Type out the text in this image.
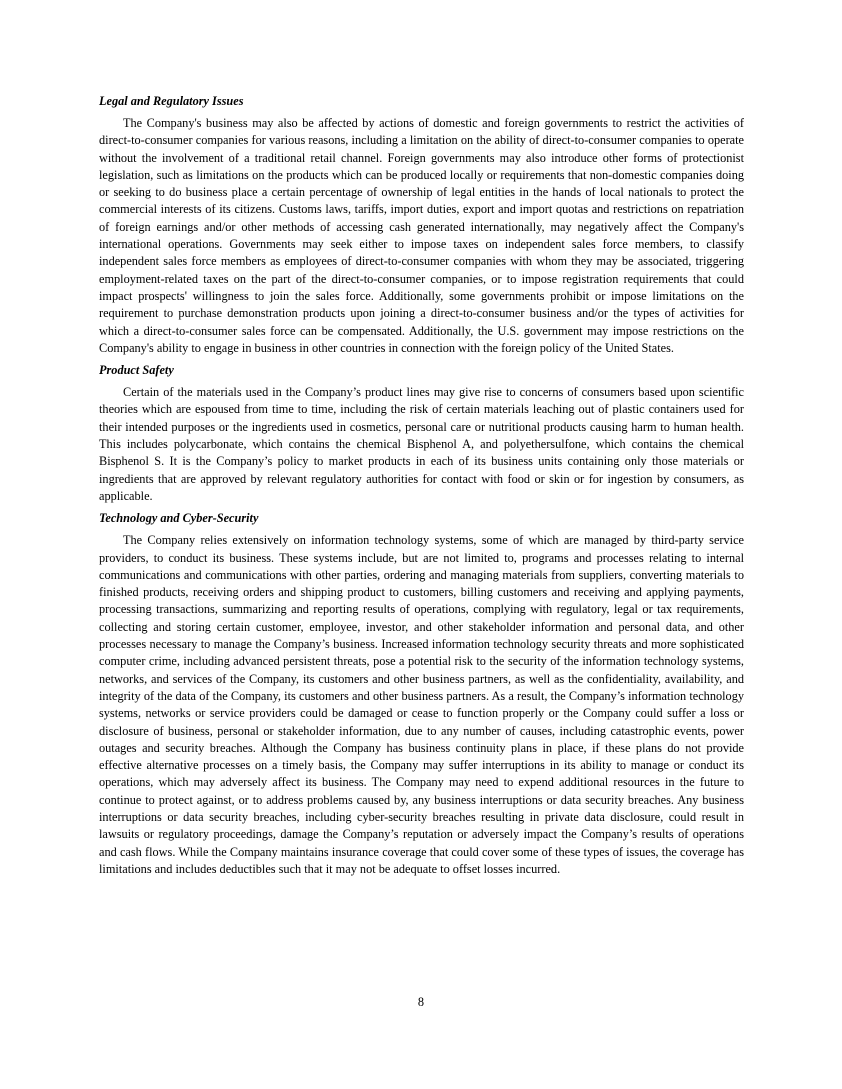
Legal and Regulatory Issues

The Company's business may also be affected by actions of domestic and foreign governments to restrict the activities of direct-to-consumer companies for various reasons, including a limitation on the ability of direct-to-consumer companies to operate without the involvement of a traditional retail channel. Foreign governments may also introduce other forms of protectionist legislation, such as limitations on the products which can be produced locally or requirements that non-domestic companies doing or seeking to do business place a certain percentage of ownership of legal entities in the hands of local nationals to protect the commercial interests of its citizens. Customs laws, tariffs, import duties, export and import quotas and restrictions on repatriation of foreign earnings and/or other methods of accessing cash generated internationally, may negatively affect the Company's international operations. Governments may seek either to impose taxes on independent sales force members, to classify independent sales force members as employees of direct-to-consumer companies with whom they may be associated, triggering employment-related taxes on the part of the direct-to-consumer companies, or to impose registration requirements that could impact prospects' willingness to join the sales force. Additionally, some governments prohibit or impose limitations on the requirement to purchase demonstration products upon joining a direct-to-consumer business and/or the types of activities for which a direct-to-consumer sales force can be compensated. Additionally, the U.S. government may impose restrictions on the Company's ability to engage in business in other countries in connection with the foreign policy of the United States.

Product Safety

Certain of the materials used in the Company’s product lines may give rise to concerns of consumers based upon scientific theories which are espoused from time to time, including the risk of certain materials leaching out of plastic containers used for their intended purposes or the ingredients used in cosmetics, personal care or nutritional products causing harm to human health. This includes polycarbonate, which contains the chemical Bisphenol A, and polyethersulfone, which contains the chemical Bisphenol S. It is the Company’s policy to market products in each of its business units containing only those materials or ingredients that are approved by relevant regulatory authorities for contact with food or skin or for ingestion by consumers, as applicable.

Technology and Cyber-Security

The Company relies extensively on information technology systems, some of which are managed by third-party service providers, to conduct its business. These systems include, but are not limited to, programs and processes relating to internal communications and communications with other parties, ordering and managing materials from suppliers, converting materials to finished products, receiving orders and shipping product to customers, billing customers and receiving and applying payments, processing transactions, summarizing and reporting results of operations, complying with regulatory, legal or tax requirements, collecting and storing certain customer, employee, investor, and other stakeholder information and personal data, and other processes necessary to manage the Company’s business. Increased information technology security threats and more sophisticated computer crime, including advanced persistent threats, pose a potential risk to the security of the information technology systems, networks, and services of the Company, its customers and other business partners, as well as the confidentiality, availability, and integrity of the data of the Company, its customers and other business partners. As a result, the Company’s information technology systems, networks or service providers could be damaged or cease to function properly or the Company could suffer a loss or disclosure of business, personal or stakeholder information, due to any number of causes, including catastrophic events, power outages and security breaches. Although the Company has business continuity plans in place, if these plans do not provide effective alternative processes on a timely basis, the Company may suffer interruptions in its ability to manage or conduct its operations, which may adversely affect its business. The Company may need to expend additional resources in the future to continue to protect against, or to address problems caused by, any business interruptions or data security breaches. Any business interruptions or data security breaches, including cyber-security breaches resulting in private data disclosure, could result in lawsuits or regulatory proceedings, damage the Company’s reputation or adversely impact the Company’s results of operations and cash flows. While the Company maintains insurance coverage that could cover some of these types of issues, the coverage has limitations and includes deductibles such that it may not be adequate to offset losses incurred.

8
